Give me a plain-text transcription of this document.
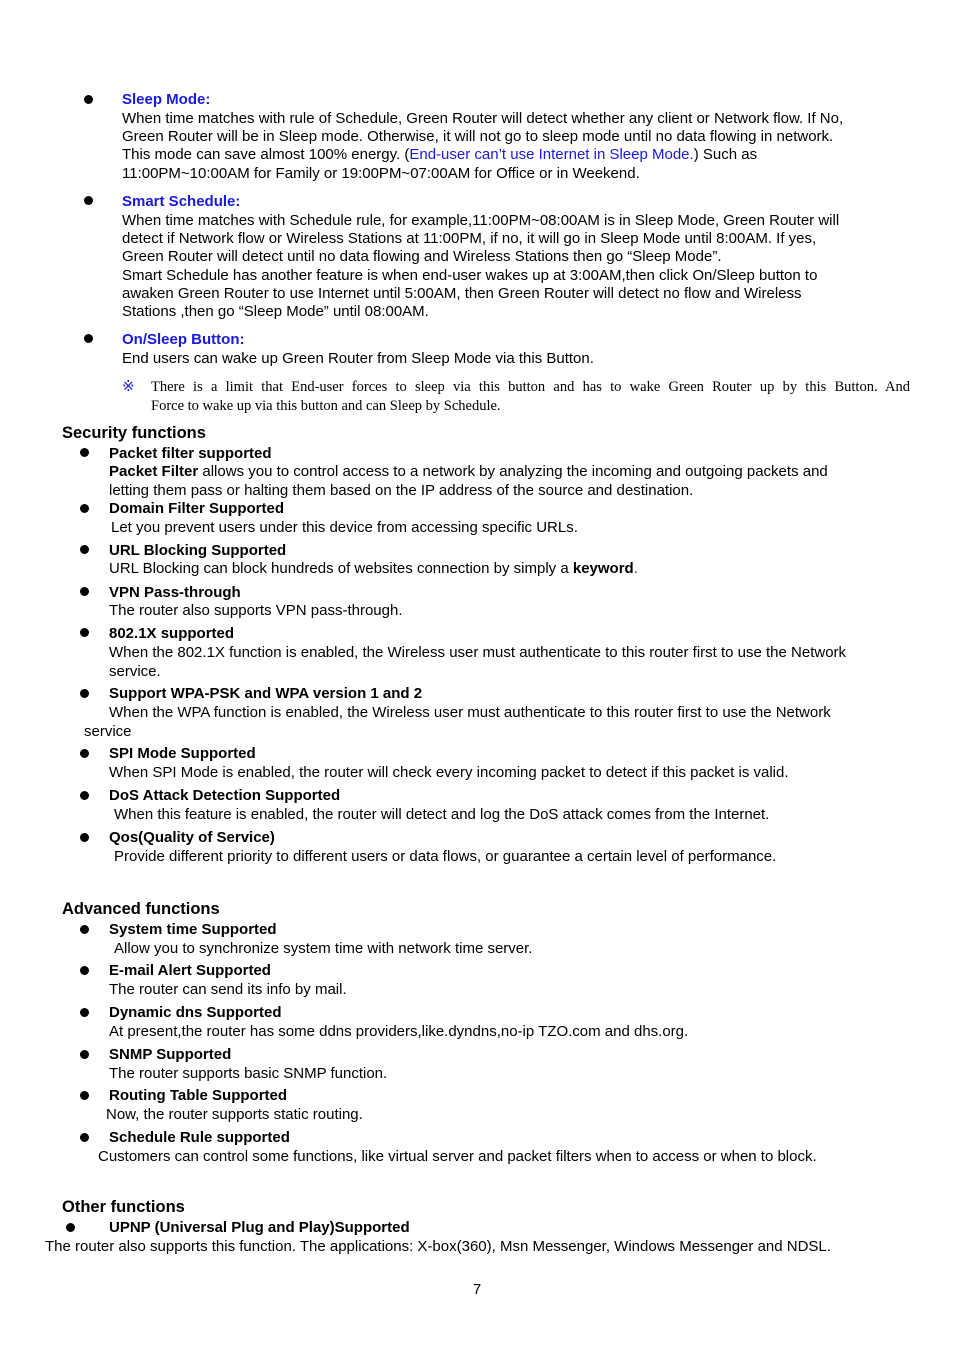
Sleep Mode:
When time matches with rule of Schedule, Green Router will detect whether any client or Network flow. If No,
Green Router will be in Sleep mode. Otherwise, it will not go to sleep mode until no data flowing in network.
This mode can save almost 100% energy. (End-user can’t use Internet in Sleep Mode.) Such as
11:00PM~10:00AM for Family or 19:00PM~07:00AM for Office or in Weekend.
Smart Schedule:
When time matches with Schedule rule, for example,11:00PM~08:00AM is in Sleep Mode, Green Router will
detect if Network flow or Wireless Stations at 11:00PM, if no, it will go in Sleep Mode until 8:00AM. If yes,
Green Router will detect until no data flowing and Wireless Stations then go “Sleep Mode”.
Smart Schedule has another feature is when end-user wakes up at 3:00AM,then click On/Sleep button to
awaken Green Router to use Internet until 5:00AM, then Green Router will detect no flow and Wireless
Stations ,then go “Sleep Mode” until 08:00AM.
On/Sleep Button:
End users can wake up Green Router from Sleep Mode via this Button.
※ There is a limit that End-user forces to sleep via this button and has to wake Green Router up by this Button. And
Force to wake up via this button and can Sleep by Schedule.
Security functions
Packet filter supported
Packet Filter allows you to control access to a network by analyzing the incoming and outgoing packets and
letting them pass or halting them based on the IP address of the source and destination.
Domain Filter Supported
Let you prevent users under this device from accessing specific URLs.
URL Blocking Supported
URL Blocking can block hundreds of websites connection by simply a keyword.
VPN Pass-through
The router also supports VPN pass-through.
802.1X supported
When the 802.1X function is enabled, the Wireless user must authenticate to this router first to use the Network
service.
Support WPA-PSK and WPA version 1 and 2
When the WPA function is enabled, the Wireless user must authenticate to this router first to use the Network
service
SPI Mode Supported
When SPI Mode is enabled, the router will check every incoming packet to detect if this packet is valid.
DoS Attack Detection Supported
When this feature is enabled, the router will detect and log the DoS attack comes from the Internet.
Qos(Quality of Service)
Provide different priority to different users or data flows, or guarantee a certain level of performance.
Advanced functions
System time Supported
Allow you to synchronize system time with network time server.
E-mail Alert Supported
The router can send its info by mail.
Dynamic dns Supported
At present,the router has some ddns providers,like.dyndns,no-ip TZO.com and dhs.org.
SNMP Supported
The router supports basic SNMP function.
Routing Table Supported
Now, the router supports static routing.
Schedule Rule supported
Customers can control some functions, like virtual server and packet filters when to access or when to block.
Other functions
UPNP (Universal Plug and Play)Supported
The router also supports this function. The applications: X-box(360), Msn Messenger, Windows Messenger and NDSL.
7
